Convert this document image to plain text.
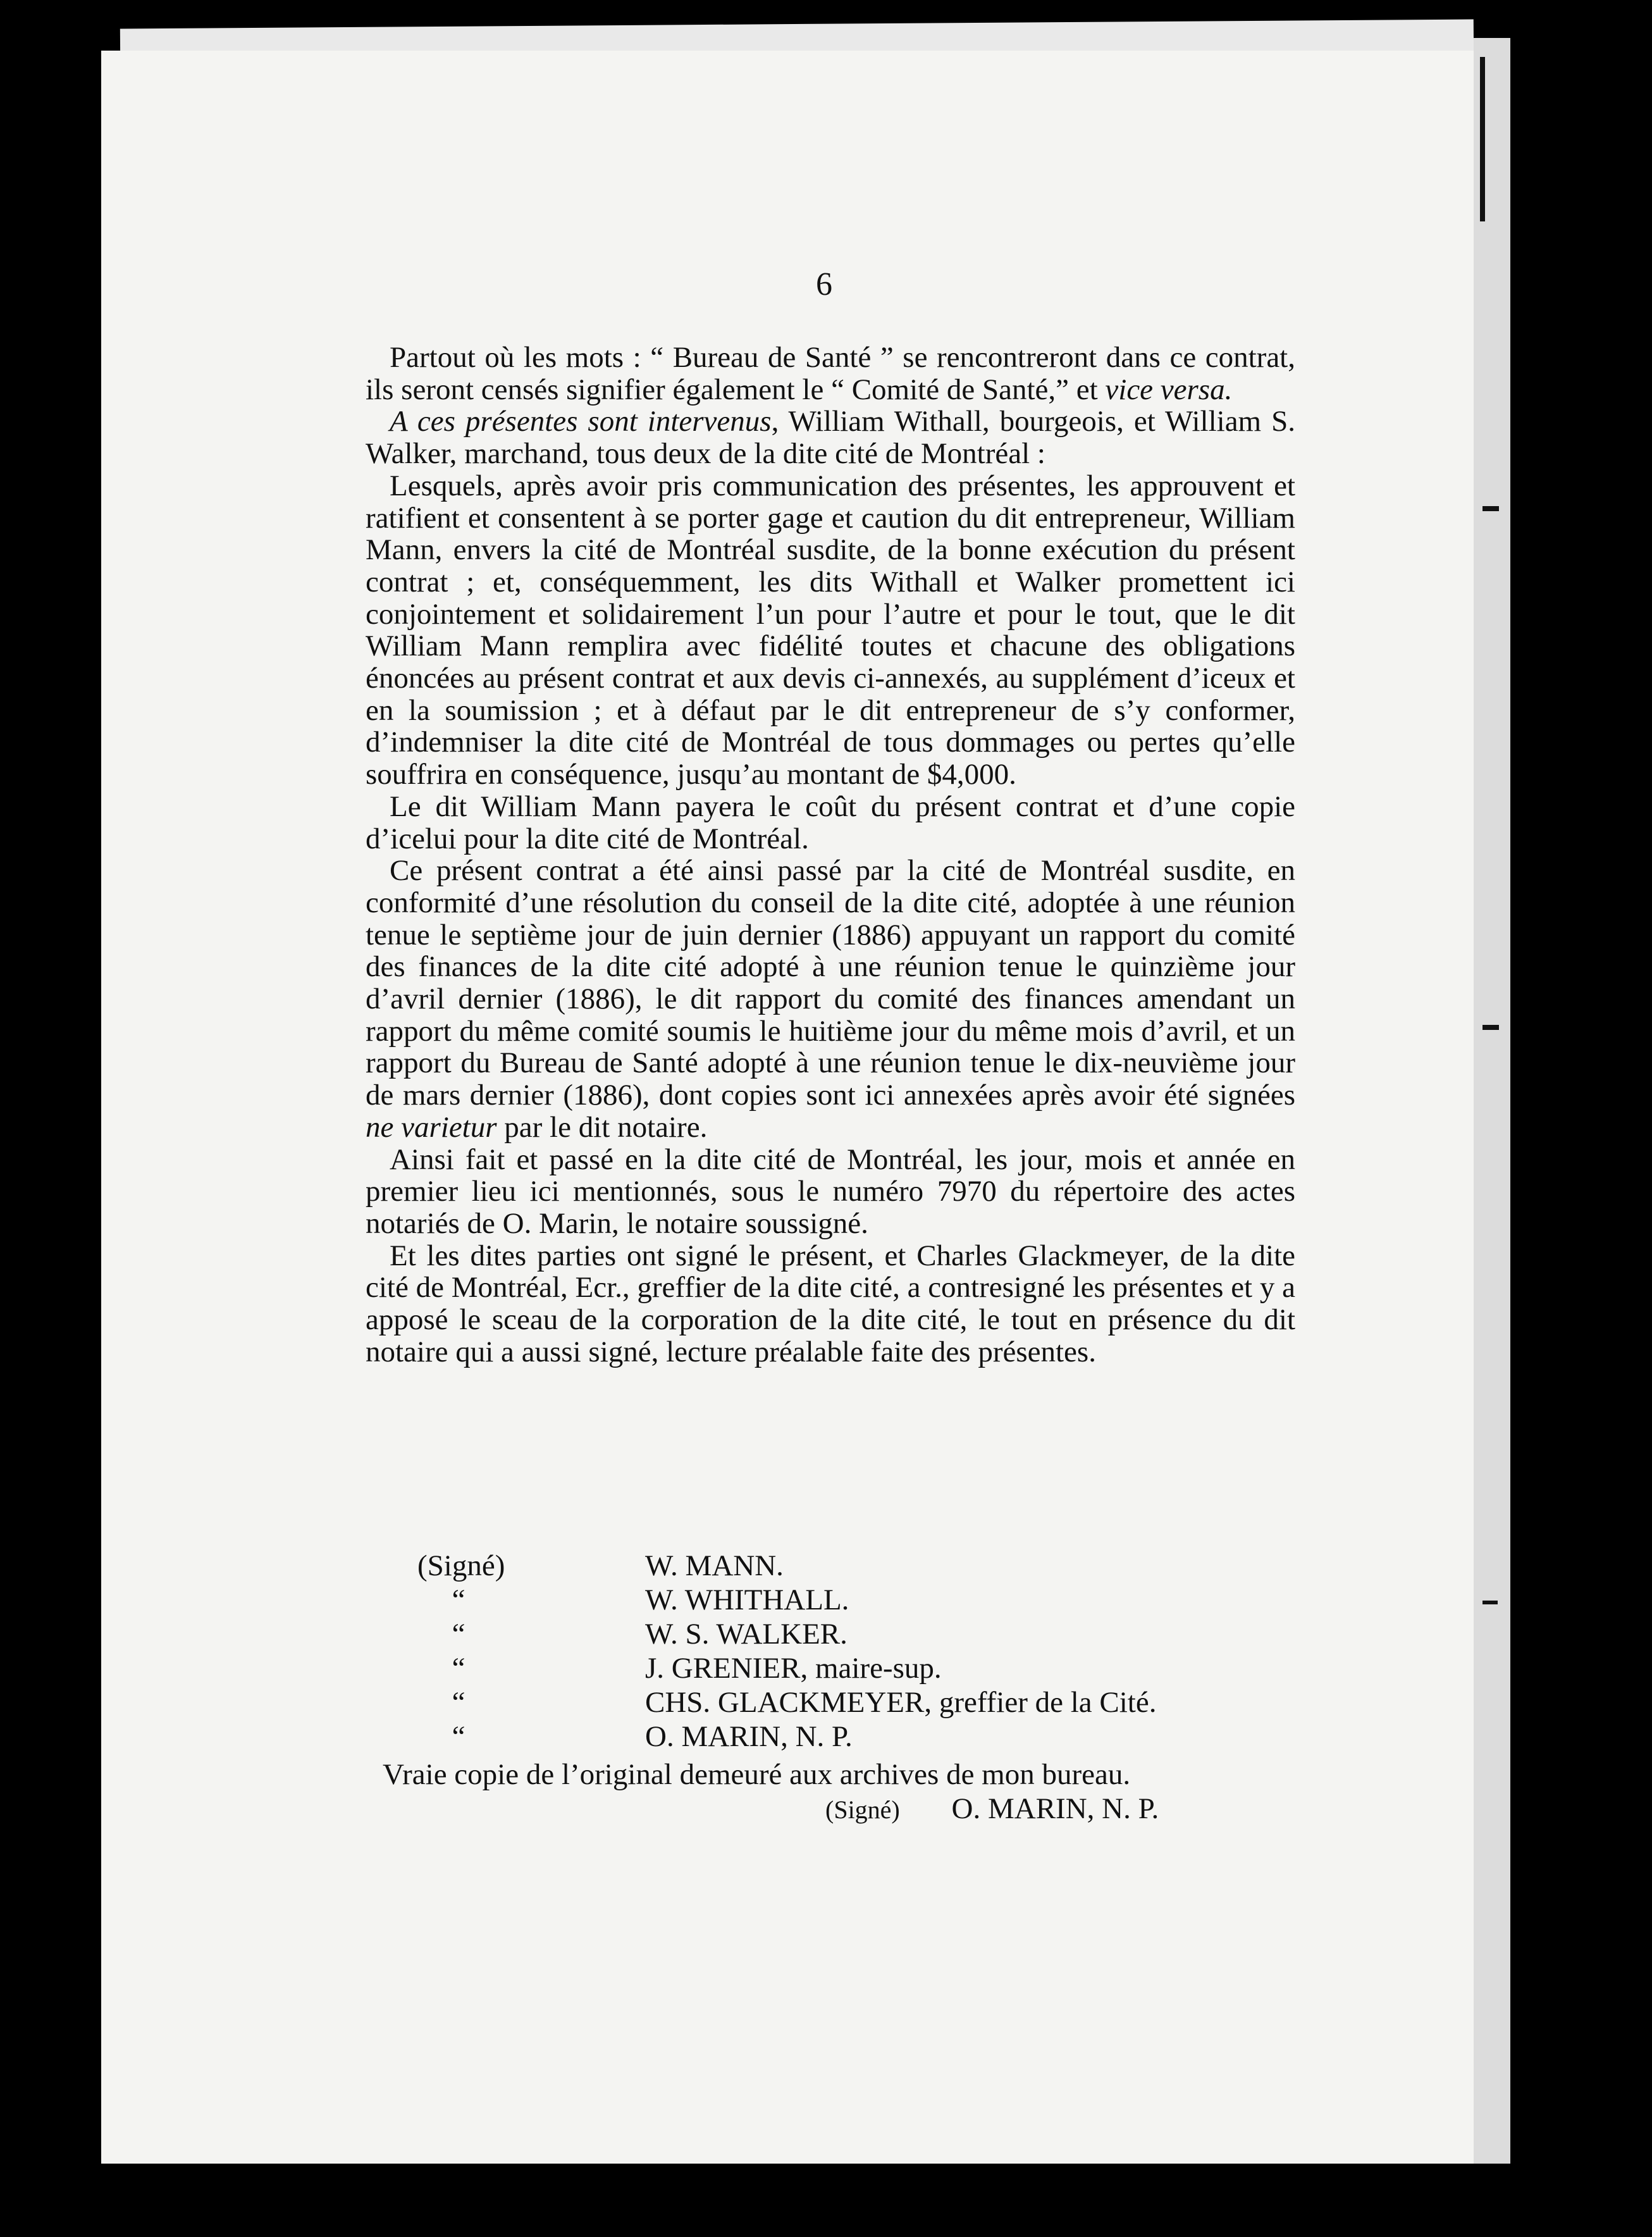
6

Partout où les mots : “ Bureau de Santé ” se rencontreront dans ce contrat, ils seront censés signifier également le “ Comité de Santé,” et vice versa.

A ces présentes sont intervenus, William Withall, bourgeois, et William S. Walker, marchand, tous deux de la dite cité de Montréal :

Lesquels, après avoir pris communication des présentes, les approuvent et ratifient et consentent à se porter gage et caution du dit entrepreneur, William Mann, envers la cité de Montréal susdite, de la bonne exécution du présent contrat ; et, conséquemment, les dits Withall et Walker promettent ici conjointement et solidairement l’un pour l’autre et pour le tout, que le dit William Mann remplira avec fidélité toutes et chacune des obligations énoncées au présent contrat et aux devis ci-annexés, au supplément d’iceux et en la soumission ; et à défaut par le dit entrepreneur de s’y conformer, d’indemniser la dite cité de Montréal de tous dommages ou pertes qu’elle souffrira en conséquence, jusqu’au montant de $4,000.

Le dit William Mann payera le coût du présent contrat et d’une copie d’icelui pour la dite cité de Montréal.

Ce présent contrat a été ainsi passé par la cité de Montréal susdite, en conformité d’une résolution du conseil de la dite cité, adoptée à une réunion tenue le septième jour de juin dernier (1886) appuyant un rapport du comité des finances de la dite cité adopté à une réunion tenue le quinzième jour d’avril dernier (1886), le dit rapport du comité des finances amendant un rapport du même comité soumis le huitième jour du même mois d’avril, et un rapport du Bureau de Santé adopté à une réunion tenue le dix-neuvième jour de mars dernier (1886), dont copies sont ici annexées après avoir été signées ne varietur par le dit notaire.

Ainsi fait et passé en la dite cité de Montréal, les jour, mois et année en premier lieu ici mentionnés, sous le numéro 7970 du répertoire des actes notariés de O. Marin, le notaire soussigné.

Et les dites parties ont signé le présent, et Charles Glackmeyer, de la dite cité de Montréal, Ecr., greffier de la dite cité, a contresigné les présentes et y a apposé le sceau de la corporation de la dite cité, le tout en présence du dit notaire qui a aussi signé, lecture préalable faite des présentes.

(Signé)	W. MANN.
“	W. WHITHALL.
“	W. S. WALKER.
“	J. GRENIER, maire-sup.
“	CHS. GLACKMEYER, greffier de la Cité.
“	O. MARIN, N. P.
Vraie copie de l’original demeuré aux archives de mon bureau.
(Signé) O. MARIN, N. P.
